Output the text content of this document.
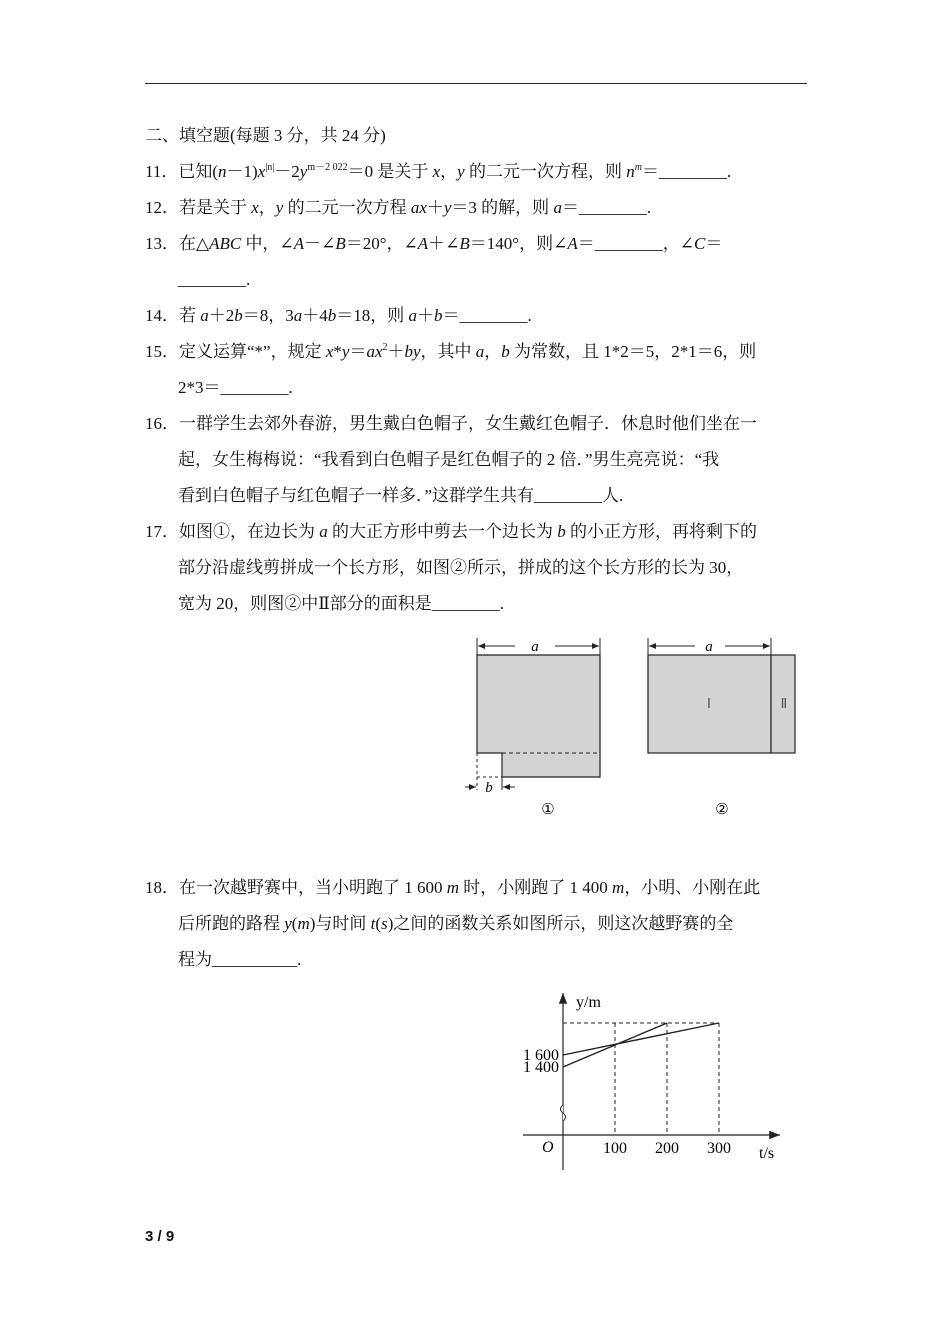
二、填空题(每题 3 分，共 24 分)
11．已知$(n-1)x^{|n|}-2y^{m-2 022}=0$ 是关于 x，y 的二元一次方程，则 $n^m=\_\_\_\_\_\_\_\_$.
12．若是关于 x，y 的二元一次方程 ax＋y＝3 的解，则 a＝________.
13．在△ABC 中，∠A－∠B＝20°，∠A＋∠B＝140°，则∠A＝________，∠C＝
________.
14．若 a＋2b＝8，3a＋4b＝18，则 a＋b＝________.
15．定义运算“*”，规定 $x*y=ax^2+by$，其中 a，b 为常数，且 1*2＝5，2*1＝6，则
2*3＝________.
16．一群学生去郊外春游，男生戴白色帽子，女生戴红色帽子．休息时他们坐在一
起，女生梅梅说：“我看到白色帽子是红色帽子的 2 倍．”男生亮亮说：“我
看到白色帽子与红色帽子一样多．”这群学生共有________人.
17．如图①，在边长为 a 的大正方形中剪去一个边长为 b 的小正方形，再将剩下的
部分沿虚线剪拼成一个长方形，如图②所示，拼成的这个长方形的长为 30，
宽为 20，则图②中Ⅱ部分的面积是________.
a
b
①
a
Ⅰ	Ⅱ
②
18．在一次越野赛中，当小明跑了 1 600 m 时，小刚跑了 1 400 m，小明、小刚在此
后所跑的路程 y(m)与时间 t(s)之间的函数关系如图所示，则这次越野赛的全
程为__________.
100 200 300
1 400
1 600
y/m
t/s
O
3 / 9
